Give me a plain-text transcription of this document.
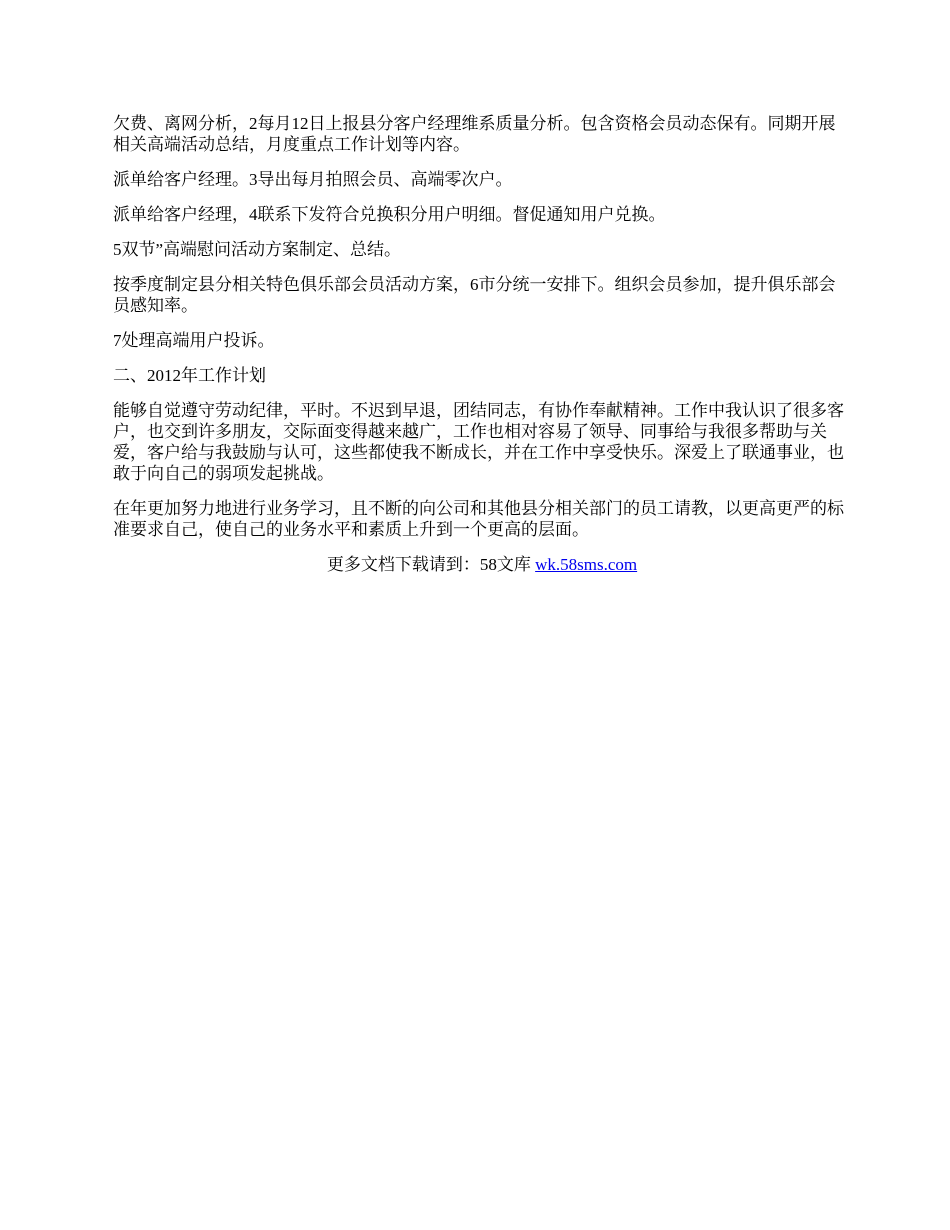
欠费、离网分析，2每月12日上报县分客户经理维系质量分析。包含资格会员动态保有。同期开展相关高端活动总结，月度重点工作计划等内容。

派单给客户经理。3导出每月拍照会员、高端零次户。

派单给客户经理，4联系下发符合兑换积分用户明细。督促通知用户兑换。

5双节”高端慰问活动方案制定、总结。

按季度制定县分相关特色俱乐部会员活动方案，6市分统一安排下。组织会员参加，提升俱乐部会员感知率。

7处理高端用户投诉。

二、2012年工作计划

能够自觉遵守劳动纪律，平时。不迟到早退，团结同志，有协作奉献精神。工作中我认识了很多客户，也交到许多朋友，交际面变得越来越广，工作也相对容易了领导、同事给与我很多帮助与关爱，客户给与我鼓励与认可，这些都使我不断成长，并在工作中享受快乐。深爱上了联通事业，也敢于向自己的弱项发起挑战。

在年更加努力地进行业务学习，且不断的向公司和其他县分相关部门的员工请教，以更高更严的标准要求自己，使自己的业务水平和素质上升到一个更高的层面。

更多文档下载请到：58文库 wk.58sms.com
